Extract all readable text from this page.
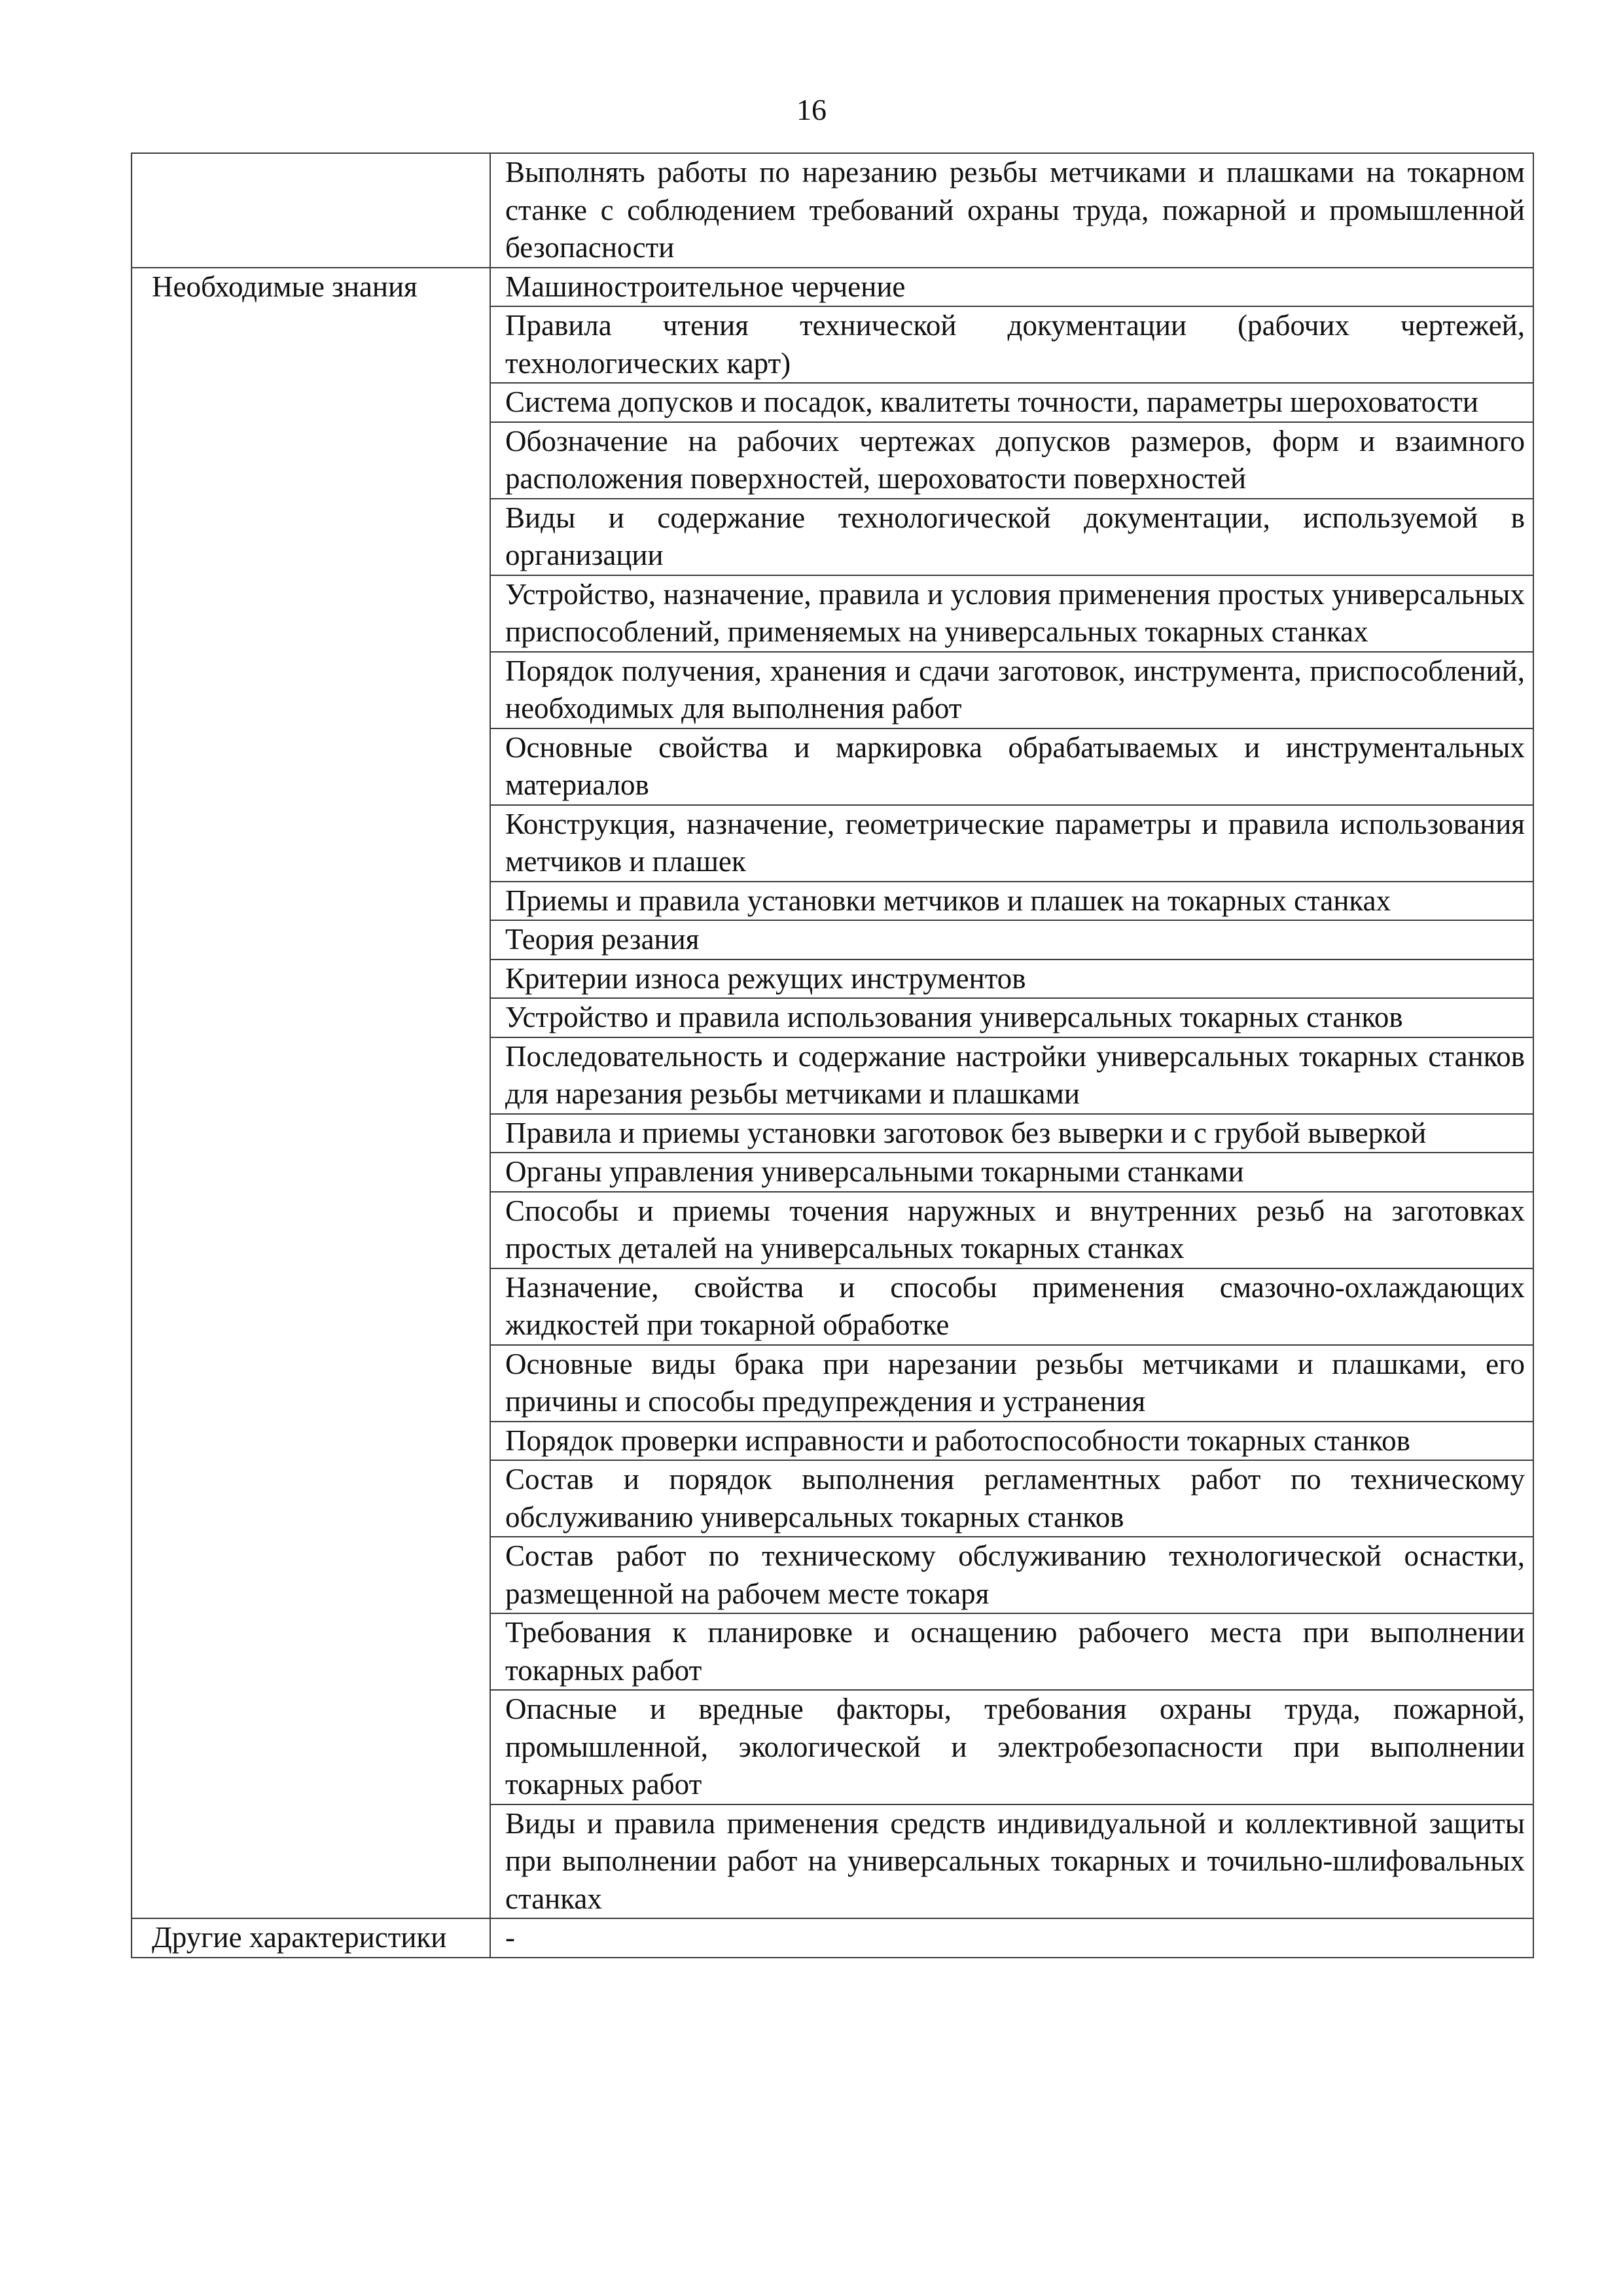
16
	Выполнять работы по нарезанию резьбы метчиками и плашками на токарном станке с соблюдением требований охраны труда, пожарной и промышленной безопасности
Необходимые знания	Машиностроительное черчение
	Правила чтения технической документации (рабочих чертежей, технологических карт)
	Система допусков и посадок, квалитеты точности, параметры шероховатости
	Обозначение на рабочих чертежах допусков размеров, форм и взаимного расположения поверхностей, шероховатости поверхностей
	Виды и содержание технологической документации, используемой в организации
	Устройство, назначение, правила и условия применения простых универсальных приспособлений, применяемых на универсальных токарных станках
	Порядок получения, хранения и сдачи заготовок, инструмента, приспособлений, необходимых для выполнения работ
	Основные свойства и маркировка обрабатываемых и инструментальных материалов
	Конструкция, назначение, геометрические параметры и правила использования метчиков и плашек
	Приемы и правила установки метчиков и плашек на токарных станках
	Теория резания
	Критерии износа режущих инструментов
	Устройство и правила использования универсальных токарных станков
	Последовательность и содержание настройки универсальных токарных станков для нарезания резьбы метчиками и плашками
	Правила и приемы установки заготовок без выверки и с грубой выверкой
	Органы управления универсальными токарными станками
	Способы и приемы точения наружных и внутренних резьб на заготовках простых деталей на универсальных токарных станках
	Назначение, свойства и способы применения смазочно-охлаждающих жидкостей при токарной обработке
	Основные виды брака при нарезании резьбы метчиками и плашками, его причины и способы предупреждения и устранения
	Порядок проверки исправности и работоспособности токарных станков
	Состав и порядок выполнения регламентных работ по техническому обслуживанию универсальных токарных станков
	Состав работ по техническому обслуживанию технологической оснастки, размещенной на рабочем месте токаря
	Требования к планировке и оснащению рабочего места при выполнении токарных работ
	Опасные и вредные факторы, требования охраны труда, пожарной, промышленной, экологической и электробезопасности при выполнении токарных работ
	Виды и правила применения средств индивидуальной и коллективной защиты при выполнении работ на универсальных токарных и точильно-шлифовальных станках
Другие характеристики	-
